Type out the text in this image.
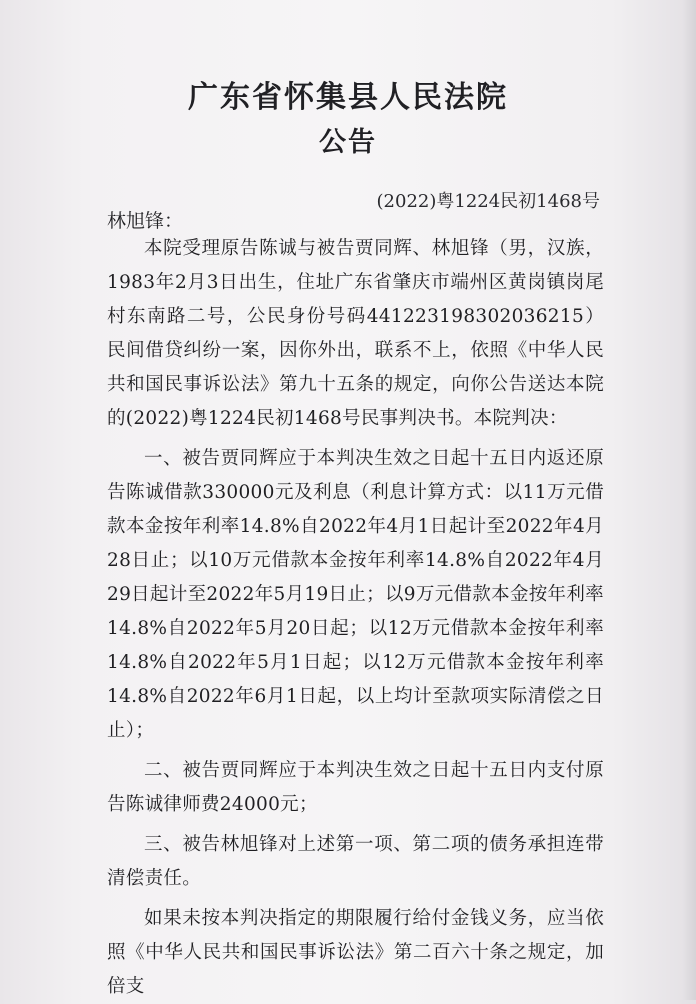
广东省怀集县人民法院
公告
(2022)粤1224民初1468号
林旭锋：

本院受理原告陈诚与被告贾同辉、林旭锋（男，汉族，1983年2月3日出生，住址广东省肇庆市端州区黄岗镇岗尾村东南路二号，公民身份号码441223198302036215）民间借贷纠纷一案，因你外出，联系不上，依照《中华人民共和国民事诉讼法》第九十五条的规定，向你公告送达本院的(2022)粤1224民初1468号民事判决书。本院判决：

一、被告贾同辉应于本判决生效之日起十五日内返还原告陈诚借款330000元及利息（利息计算方式：以11万元借款本金按年利率14.8%自2022年4月1日起计至2022年4月28日止；以10万元借款本金按年利率14.8%自2022年4月29日起计至2022年5月19日止；以9万元借款本金按年利率14.8%自2022年5月20日起；以12万元借款本金按年利率14.8%自2022年5月1日起；以12万元借款本金按年利率14.8%自2022年6月1日起，以上均计至款项实际清偿之日止）；

二、被告贾同辉应于本判决生效之日起十五日内支付原告陈诚律师费24000元；

三、被告林旭锋对上述第一项、第二项的债务承担连带清偿责任。

如果未按本判决指定的期限履行给付金钱义务，应当依照《中华人民共和国民事诉讼法》第二百六十条之规定，加倍支
